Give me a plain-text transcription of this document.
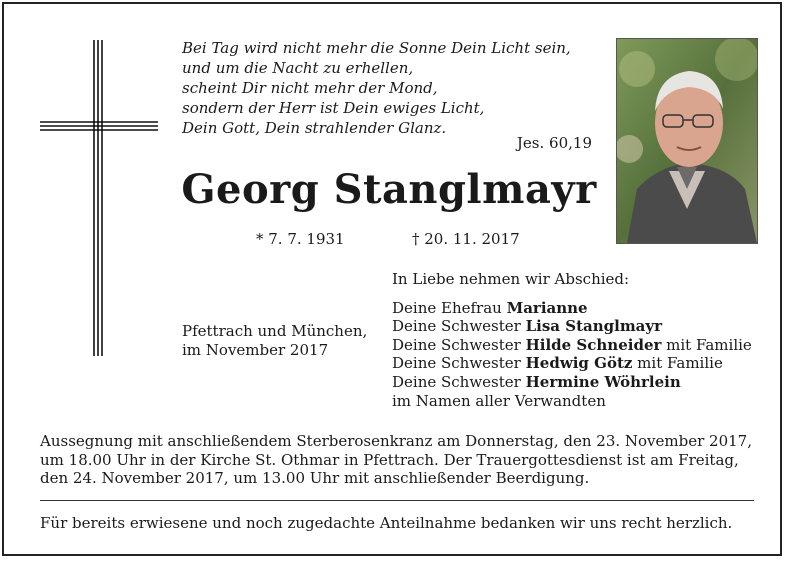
Bei Tag wird nicht mehr die Sonne Dein Licht sein,
und um die Nacht zu erhellen,
scheint Dir nicht mehr der Mond,
sondern der Herr ist Dein ewiges Licht,
Dein Gott, Dein strahlender Glanz.
Jes. 60,19
Georg Stanglmayr
* 7. 7. 1931	† 20. 11. 2017
Pfettrach und München,
im November 2017
In Liebe nehmen wir Abschied:
Deine Ehefrau Marianne
Deine Schwester Lisa Stanglmayr
Deine Schwester Hilde Schneider mit Familie
Deine Schwester Hedwig Götz mit Familie
Deine Schwester Hermine Wöhrlein
im Namen aller Verwandten
Aussegnung mit anschließendem Sterberosenkranz am Donnerstag, den 23. November 2017, um 18.00 Uhr in der Kirche St. Othmar in Pfettrach. Der Trauergottesdienst ist am Freitag, den 24. November 2017, um 13.00 Uhr mit anschließender Beerdigung.
Für bereits erwiesene und noch zugedachte Anteilnahme bedanken wir uns recht herzlich.
